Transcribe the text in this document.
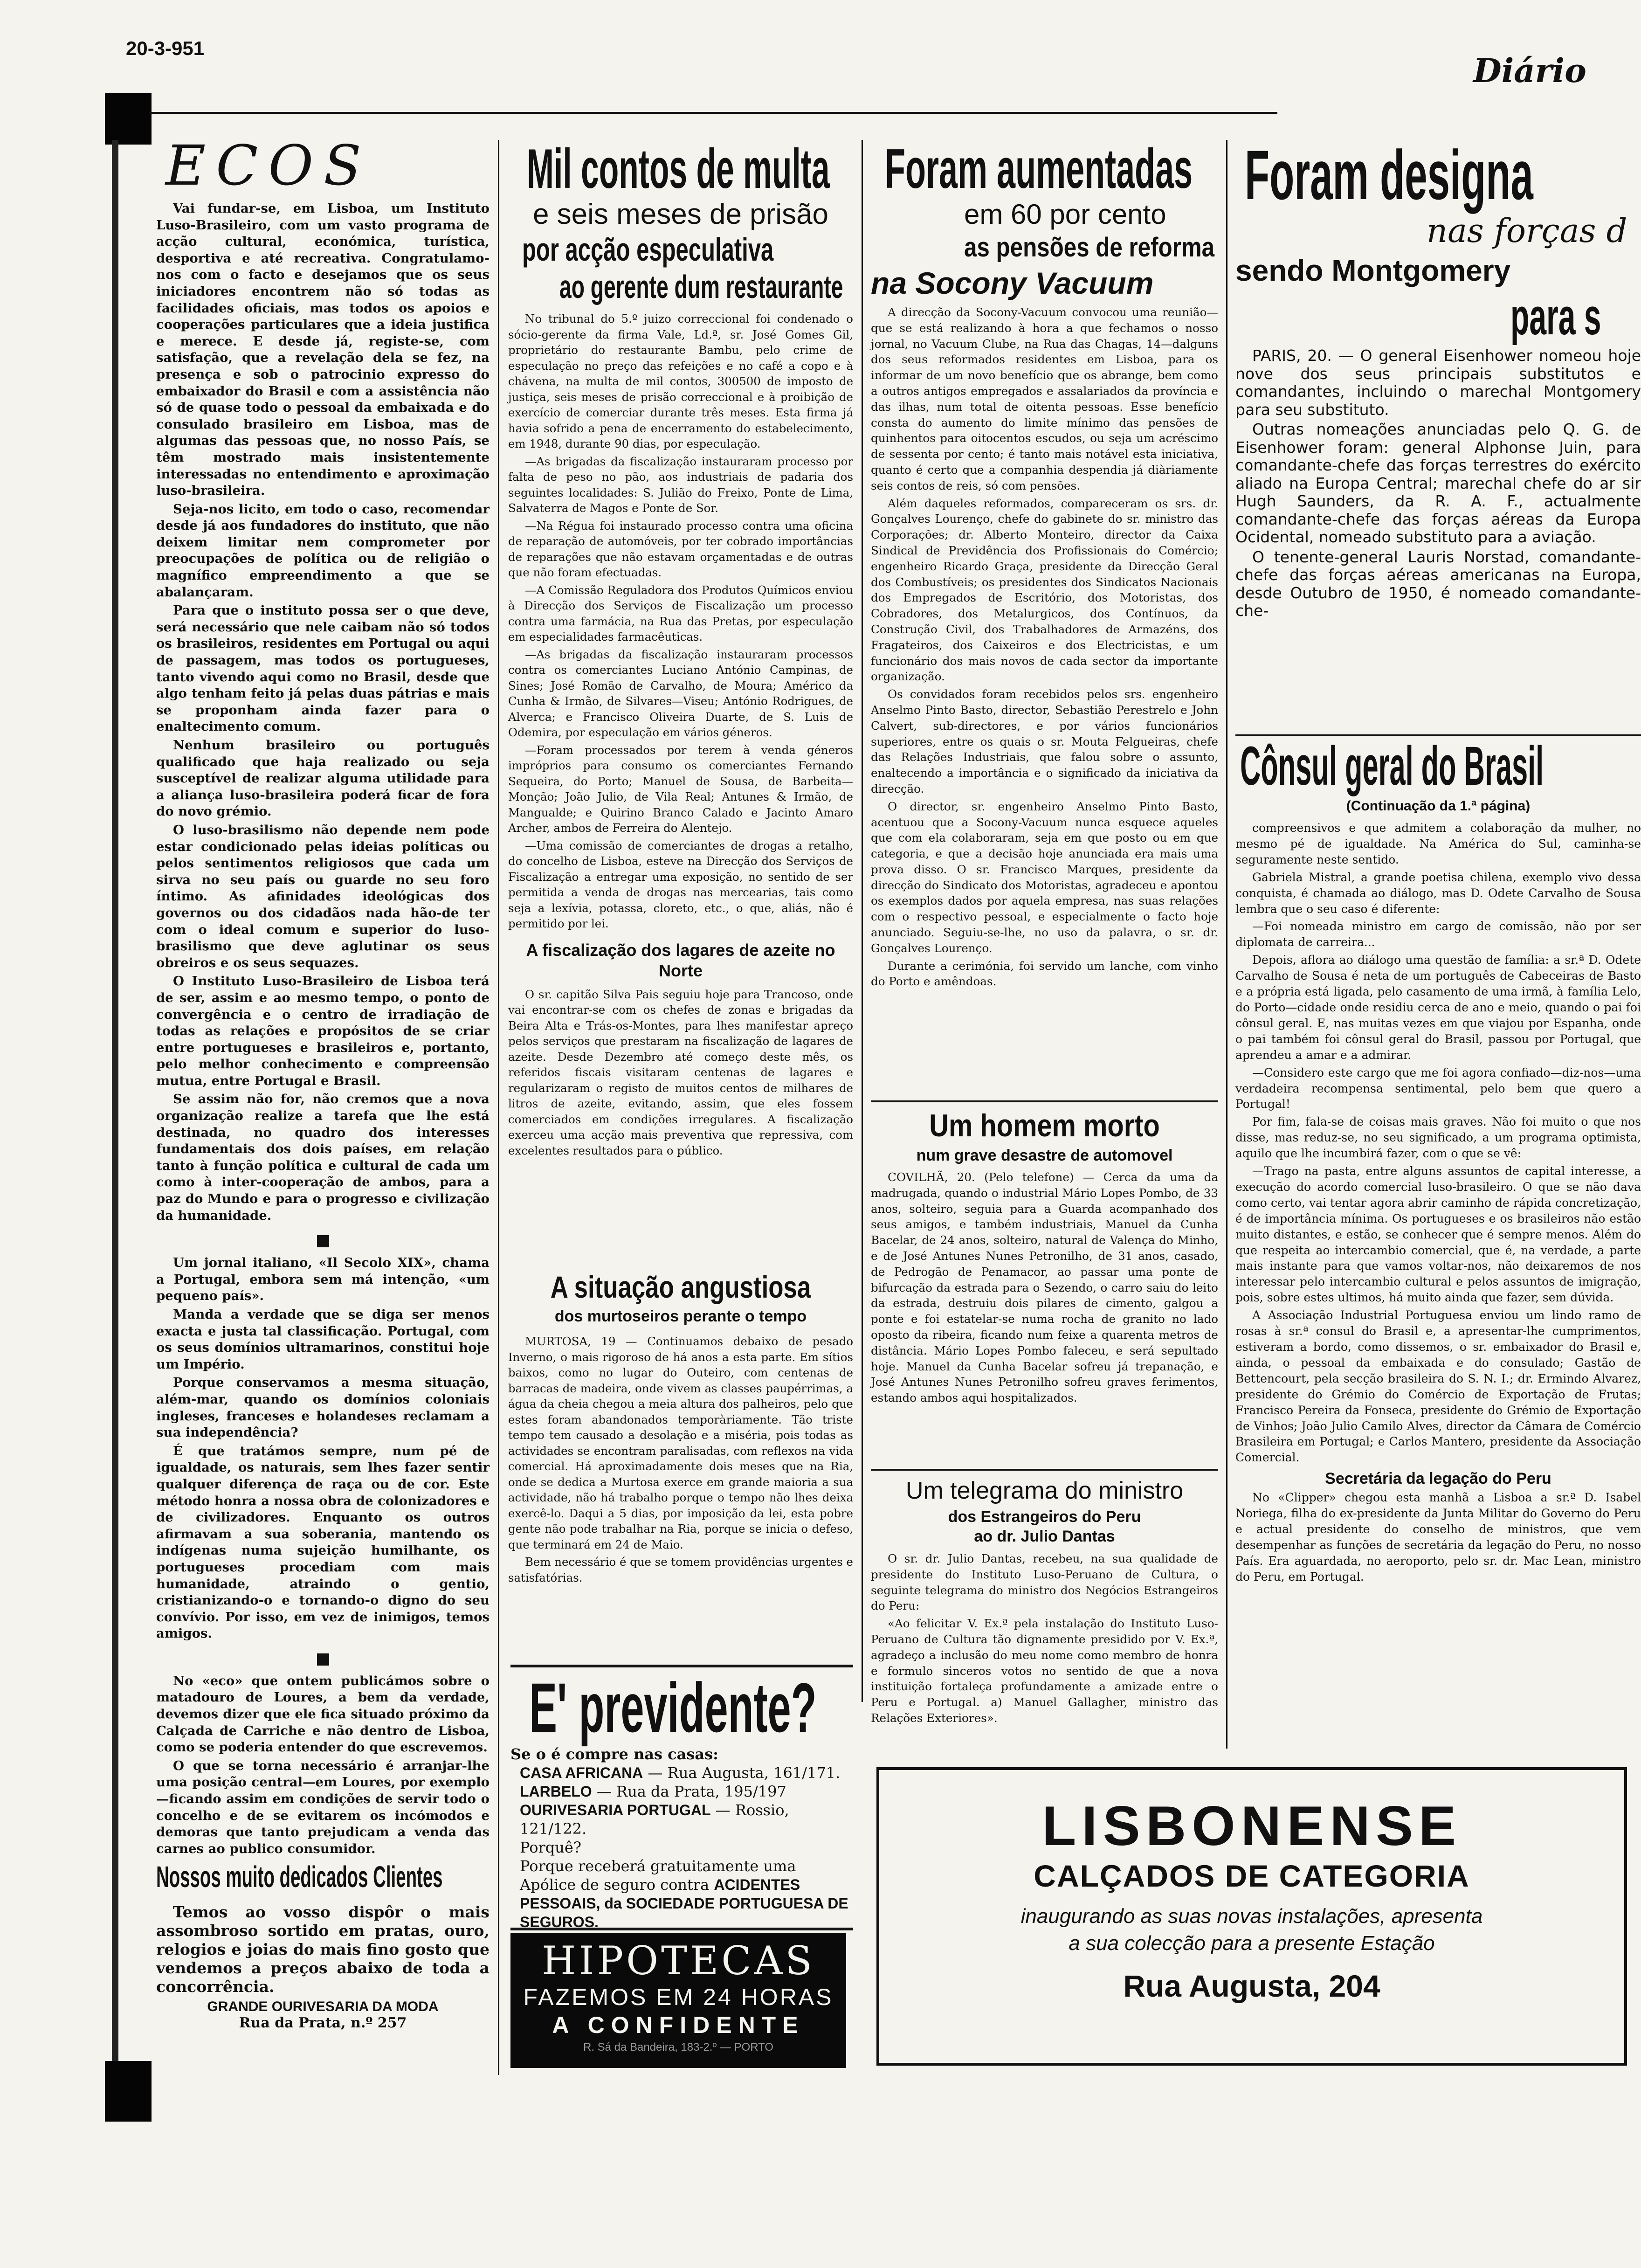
20-3-951
Diário
ECOS

Vai fundar-se, em Lisboa, um Instituto Luso-Brasileiro, com um vasto programa de acção cultural, económica, turística, desportiva e até recreativa. Congratulamo-nos com o facto e desejamos que os seus iniciadores encontrem não só todas as facilidades oficiais, mas todos os apoios e cooperações particulares que a ideia justifica e merece. E desde já, registe-se, com satisfação, que a revelação dela se fez, na presença e sob o patrocinio expresso do embaixador do Brasil e com a assistência não só de quase todo o pessoal da embaixada e do consulado brasileiro em Lisboa, mas de algumas das pessoas que, no nosso País, se têm mostrado mais insistentemente interessadas no entendimento e aproximação luso-brasileira.

Seja-nos licito, em todo o caso, recomendar desde já aos fundadores do instituto, que não deixem limitar nem comprometer por preocupações de política ou de religião o magnífico empreendimento a que se abalançaram.

Para que o instituto possa ser o que deve, será necessário que nele caibam não só todos os brasileiros, residentes em Portugal ou aqui de passagem, mas todos os portugueses, tanto vivendo aqui como no Brasil, desde que algo tenham feito já pelas duas pátrias e mais se proponham ainda fazer para o enaltecimento comum.

Nenhum brasileiro ou português qualificado que haja realizado ou seja susceptível de realizar alguma utilidade para a aliança luso-brasileira poderá ficar de fora do novo grémio.

O luso-brasilismo não depende nem pode estar condicionado pelas ideias políticas ou pelos sentimentos religiosos que cada um sirva no seu país ou guarde no seu foro íntimo. As afinidades ideológicas dos governos ou dos cidadãos nada hão-de ter com o ideal comum e superior do luso-brasilismo que deve aglutinar os seus obreiros e os seus sequazes.

O Instituto Luso-Brasileiro de Lisboa terá de ser, assim e ao mesmo tempo, o ponto de convergência e o centro de irradiação de todas as relações e propósitos de se criar entre portugueses e brasileiros e, portanto, pelo melhor conhecimento e compreensão mutua, entre Portugal e Brasil.

Se assim não for, não cremos que a nova organização realize a tarefa que lhe está destinada, no quadro dos interesses fundamentais dos dois países, em relação tanto à função política e cultural de cada um como à inter-cooperação de ambos, para a paz do Mundo e para o progresso e civilização da humanidade.

Um jornal italiano, «Il Secolo XIX», chama a Portugal, embora sem má intenção, «um pequeno país».

Manda a verdade que se diga ser menos exacta e justa tal classificação. Portugal, com os seus domínios ultramarinos, constitui hoje um Império.

Porque conservamos a mesma situação, além-mar, quando os domínios coloniais ingleses, franceses e holandeses reclamam a sua independência?

É que tratámos sempre, num pé de igualdade, os naturais, sem lhes fazer sentir qualquer diferença de raça ou de cor. Este método honra a nossa obra de colonizadores e de civilizadores. Enquanto os outros afirmavam a sua soberania, mantendo os indígenas numa sujeição humilhante, os portugueses procediam com mais humanidade, atraindo o gentio, cristianizando-o e tornando-o digno do seu convívio. Por isso, em vez de inimigos, temos amigos.

No «eco» que ontem publicámos sobre o matadouro de Loures, a bem da verdade, devemos dizer que ele fica situado próximo da Calçada de Carriche e não dentro de Lisboa, como se poderia entender do que escrevemos.

O que se torna necessário é arranjar-lhe uma posição central—em Loures, por exemplo—ficando assim em condições de servir todo o concelho e de se evitarem os incómodos e demoras que tanto prejudicam a venda das carnes ao publico consumidor.

Nossos muito dedicados Clientes

Temos ao vosso dispôr o mais assombroso sortido em pratas, ouro, relogios e joias do mais fino gosto que vendemos a preços abaixo de toda a concorrência.

GRANDE OURIVESARIA DA MODA
Rua da Prata, n.º 257
Mil contos de multa
e seis meses de prisão
por acção especulativa
ao gerente dum restaurante

No tribunal do 5.º juizo correccional foi condenado o sócio-gerente da firma Vale, Ld.ª, sr. José Gomes Gil, proprietário do restaurante Bambu, pelo crime de especulação no preço das refeições e no café a copo e à chávena, na multa de mil contos, 300500 de imposto de justiça, seis meses de prisão correccional e à proibição de exercício de comerciar durante três meses. Esta firma já havia sofrido a pena de encerramento do estabelecimento, em 1948, durante 90 dias, por especulação.

—As brigadas da fiscalização instauraram processo por falta de peso no pão, aos industriais de padaria dos seguintes localidades: S. Julião do Freixo, Ponte de Lima, Salvaterra de Magos e Ponte de Sor.

—Na Régua foi instaurado processo contra uma oficina de reparação de automóveis, por ter cobrado importâncias de reparações que não estavam orçamentadas e de outras que não foram efectuadas.

—A Comissão Reguladora dos Produtos Químicos enviou à Direcção dos Serviços de Fiscalização um processo contra uma farmácia, na Rua das Pretas, por especulação em especialidades farmacêuticas.

—As brigadas da fiscalização instauraram processos contra os comerciantes Luciano António Campinas, de Sines; José Romão de Carvalho, de Moura; Américo da Cunha & Irmão, de Silvares—Viseu; António Rodrigues, de Alverca; e Francisco Oliveira Duarte, de S. Luis de Odemira, por especulação em vários géneros.

—Foram processados por terem à venda géneros impróprios para consumo os comerciantes Fernando Sequeira, do Porto; Manuel de Sousa, de Barbeita—Monção; João Julio, de Vila Real; Antunes & Irmão, de Mangualde; e Quirino Branco Calado e Jacinto Amaro Archer, ambos de Ferreira do Alentejo.

—Uma comissão de comerciantes de drogas a retalho, do concelho de Lisboa, esteve na Direcção dos Serviços de Fiscalização a entregar uma exposição, no sentido de ser permitida a venda de drogas nas mercearias, tais como seja a lexívia, potassa, cloreto, etc., o que, aliás, não é permitido por lei.

A fiscalização dos lagares de azeite no Norte

O sr. capitão Silva Pais seguiu hoje para Trancoso, onde vai encontrar-se com os chefes de zonas e brigadas da Beira Alta e Trás-os-Montes, para lhes manifestar apreço pelos serviços que prestaram na fiscalização de lagares de azeite. Desde Dezembro até começo deste mês, os referidos fiscais visitaram centenas de lagares e regularizaram o registo de muitos centos de milhares de litros de azeite, evitando, assim, que eles fossem comerciados em condições irregulares. A fiscalização exerceu uma acção mais preventiva que repressiva, com excelentes resultados para o público.

A situação angustiosa
dos murtoseiros perante o tempo

MURTOSA, 19 — Continuamos debaixo de pesado Inverno, o mais rigoroso de há anos a esta parte. Em sítios baixos, como no lugar do Outeiro, com centenas de barracas de madeira, onde vivem as classes paupérrimas, a água da cheia chegou a meia altura dos palheiros, pelo que estes foram abandonados temporàriamente. Tão triste tempo tem causado a desolação e a miséria, pois todas as actividades se encontram paralisadas, com reflexos na vida comercial. Há aproximadamente dois meses que na Ria, onde se dedica a Murtosa exerce em grande maioria a sua actividade, não há trabalho porque o tempo não lhes deixa exercê-lo. Daqui a 5 dias, por imposição da lei, esta pobre gente não pode trabalhar na Ria, porque se inicia o defeso, que terminará em 24 de Maio.

Bem necessário é que se tomem providências urgentes e satisfatórias.

E' previdente?
Se o é compre nas casas:
CASA AFRICANA — Rua Augusta, 161/171.
LARBELO — Rua da Prata, 195/197
OURIVESARIA PORTUGAL — Rossio, 121/122.
Porquê?
Porque receberá gratuitamente uma Apólice de seguro contra ACIDENTES PESSOAIS, da SOCIEDADE PORTUGUESA DE SEGUROS.
HIPOTECAS
FAZEMOS EM 24 HORAS
A CONFIDENTE
R. Sá da Bandeira, 183-2.º — PORTO
Foram aumentadas
em 60 por cento
as pensões de reforma
na Socony Vacuum

A direcção da Socony-Vacuum convocou uma reunião—que se está realizando à hora a que fechamos o nosso jornal, no Vacuum Clube, na Rua das Chagas, 14—dalguns dos seus reformados residentes em Lisboa, para os informar de um novo benefício que os abrange, bem como a outros antigos empregados e assalariados da província e das ilhas, num total de oitenta pessoas. Esse benefício consta do aumento do limite mínimo das pensões de quinhentos para oitocentos escudos, ou seja um acréscimo de sessenta por cento; é tanto mais notável esta iniciativa, quanto é certo que a companhia despendia já diàriamente seis contos de reis, só com pensões.

Além daqueles reformados, compareceram os srs. dr. Gonçalves Lourenço, chefe do gabinete do sr. ministro das Corporações; dr. Alberto Monteiro, director da Caixa Sindical de Previdência dos Profissionais do Comércio; engenheiro Ricardo Graça, presidente da Direcção Geral dos Combustíveis; os presidentes dos Sindicatos Nacionais dos Empregados de Escritório, dos Motoristas, dos Cobradores, dos Metalurgicos, dos Contínuos, da Construção Civil, dos Trabalhadores de Armazéns, dos Fragateiros, dos Caixeiros e dos Electricistas, e um funcionário dos mais novos de cada sector da importante organização.

Os convidados foram recebidos pelos srs. engenheiro Anselmo Pinto Basto, director, Sebastião Perestrelo e John Calvert, sub-directores, e por vários funcionários superiores, entre os quais o sr. Mouta Felgueiras, chefe das Relações Industriais, que falou sobre o assunto, enaltecendo a importância e o significado da iniciativa da direcção.

O director, sr. engenheiro Anselmo Pinto Basto, acentuou que a Socony-Vacuum nunca esquece aqueles que com ela colaboraram, seja em que posto ou em que categoria, e que a decisão hoje anunciada era mais uma prova disso. O sr. Francisco Marques, presidente da direcção do Sindicato dos Motoristas, agradeceu e apontou os exemplos dados por aquela empresa, nas suas relações com o respectivo pessoal, e especialmente o facto hoje anunciado. Seguiu-se-lhe, no uso da palavra, o sr. dr. Gonçalves Lourenço.

Durante a cerimónia, foi servido um lanche, com vinho do Porto e amêndoas.

Um homem morto
num grave desastre de automovel

COVILHÃ, 20. (Pelo telefone) — Cerca da uma da madrugada, quando o industrial Mário Lopes Pombo, de 33 anos, solteiro, seguia para a Guarda acompanhado dos seus amigos, e também industriais, Manuel da Cunha Bacelar, de 24 anos, solteiro, natural de Valença do Minho, e de José Antunes Nunes Petronilho, de 31 anos, casado, de Pedrogão de Penamacor, ao passar uma ponte de bifurcação da estrada para o Sezendo, o carro saiu do leito da estrada, destruiu dois pilares de cimento, galgou a ponte e foi estatelar-se numa rocha de granito no lado oposto da ribeira, ficando num feixe a quarenta metros de distância. Mário Lopes Pombo faleceu, e será sepultado hoje. Manuel da Cunha Bacelar sofreu já trepanação, e José Antunes Nunes Petronilho sofreu graves ferimentos, estando ambos aqui hospitalizados.

Um telegrama do ministro
dos Estrangeiros do Peru
ao dr. Julio Dantas

O sr. dr. Julio Dantas, recebeu, na sua qualidade de presidente do Instituto Luso-Peruano de Cultura, o seguinte telegrama do ministro dos Negócios Estrangeiros do Peru:

«Ao felicitar V. Ex.ª pela instalação do Instituto Luso-Peruano de Cultura tão dignamente presidido por V. Ex.ª, agradeço a inclusão do meu nome como membro de honra e formulo sinceros votos no sentido de que a nova instituição fortaleça profundamente a amizade entre o Peru e Portugal. a) Manuel Gallagher, ministro das Relações Exteriores».

Foram designa
nas forças d
sendo Montgomery
para s

PARIS, 20. — O general Eisenhower nomeou hoje nove dos seus principais substitutos e comandantes, incluindo o marechal Montgomery para seu substituto.

Outras nomeações anunciadas pelo Q. G. de Eisenhower foram: general Alphonse Juin, para comandante-chefe das forças terrestres do exército aliado na Europa Central; marechal chefe do ar sir Hugh Saunders, da R. A. F., actualmente comandante-chefe das forças aéreas da Europa Ocidental, nomeado substituto para a aviação.

O tenente-general Lauris Norstad, comandante-chefe das forças aéreas americanas na Europa, desde Outubro de 1950, é nomeado comandante-che-

Cônsul geral do Brasil
(Continuação da 1.ª página)

compreensivos e que admitem a colaboração da mulher, no mesmo pé de igualdade. Na América do Sul, caminha-se seguramente neste sentido.

Gabriela Mistral, a grande poetisa chilena, exemplo vivo dessa conquista, é chamada ao diálogo, mas D. Odete Carvalho de Sousa lembra que o seu caso é diferente:

—Foi nomeada ministro em cargo de comissão, não por ser diplomata de carreira...

Depois, aflora ao diálogo uma questão de família: a sr.ª D. Odete Carvalho de Sousa é neta de um português de Cabeceiras de Basto e a própria está ligada, pelo casamento de uma irmã, à família Lelo, do Porto—cidade onde residiu cerca de ano e meio, quando o pai foi cônsul geral. E, nas muitas vezes em que viajou por Espanha, onde o pai também foi cônsul geral do Brasil, passou por Portugal, que aprendeu a amar e a admirar.

—Considero este cargo que me foi agora confiado—diz-nos—uma verdadeira recompensa sentimental, pelo bem que quero a Portugal!

Por fim, fala-se de coisas mais graves. Não foi muito o que nos disse, mas reduz-se, no seu significado, a um programa optimista, aquilo que lhe incumbirá fazer, com o que se vê:

—Trago na pasta, entre alguns assuntos de capital interesse, a execução do acordo comercial luso-brasileiro. O que se não dava como certo, vai tentar agora abrir caminho de rápida concretização, é de importância mínima. Os portugueses e os brasileiros não estão muito distantes, e estão, se conhecer que é sempre menos. Além do que respeita ao intercambio comercial, que é, na verdade, a parte mais instante para que vamos voltar-nos, não deixaremos de nos interessar pelo intercambio cultural e pelos assuntos de imigração, pois, sobre estes ultimos, há muito ainda que fazer, sem dúvida.

A Associação Industrial Portuguesa enviou um lindo ramo de rosas à sr.ª consul do Brasil e, a apresentar-lhe cumprimentos, estiveram a bordo, como dissemos, o sr. embaixador do Brasil e, ainda, o pessoal da embaixada e do consulado; Gastão de Bettencourt, pela secção brasileira do S. N. I.; dr. Ermindo Alvarez, presidente do Grémio do Comércio de Exportação de Frutas; Francisco Pereira da Fonseca, presidente do Grémio de Exportação de Vinhos; João Julio Camilo Alves, director da Câmara de Comércio Brasileira em Portugal; e Carlos Mantero, presidente da Associação Comercial.

Secretária da legação do Peru

No «Clipper» chegou esta manhã a Lisboa a sr.ª D. Isabel Noriega, filha do ex-presidente da Junta Militar do Governo do Peru e actual presidente do conselho de ministros, que vem desempenhar as funções de secretária da legação do Peru, no nosso País. Era aguardada, no aeroporto, pelo sr. dr. Mac Lean, ministro do Peru, em Portugal.

LISBONENSE
CALÇADOS DE CATEGORIA
inaugurando as suas novas instalações, apresenta
a sua colecção para a presente Estação
Rua Augusta, 204
